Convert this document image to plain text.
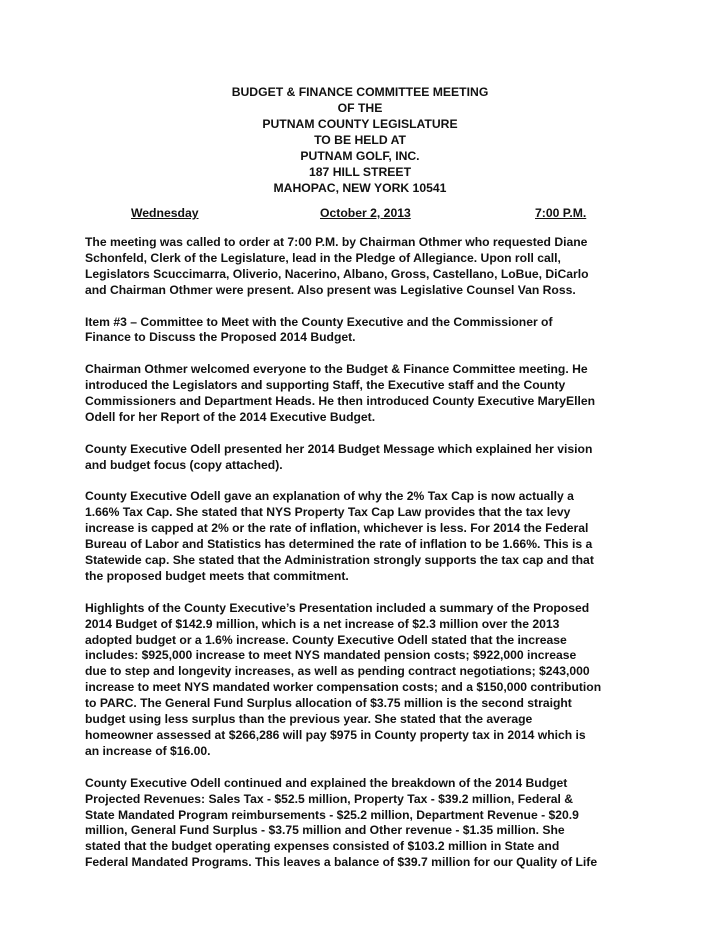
BUDGET & FINANCE COMMITTEE MEETING
OF THE
PUTNAM COUNTY LEGISLATURE
TO BE HELD AT
PUTNAM GOLF, INC.
187 HILL STREET
MAHOPAC, NEW YORK 10541
Wednesday	October 2, 2013	7:00 P.M.
The meeting was called to order at 7:00 P.M. by Chairman Othmer who requested DianeSchonfeld, Clerk of the Legislature, lead in the Pledge of Allegiance. Upon roll call,Legislators Scuccimarra, Oliverio, Nacerino, Albano, Gross, Castellano, LoBue, DiCarloand Chairman Othmer were present. Also present was Legislative Counsel Van Ross.
Item #3 – Committee to Meet with the County Executive and the Commissioner ofFinance to Discuss the Proposed 2014 Budget.
Chairman Othmer welcomed everyone to the Budget & Finance Committee meeting. Heintroduced the Legislators and supporting Staff, the Executive staff and the CountyCommissioners and Department Heads. He then introduced County Executive MaryEllenOdell for her Report of the 2014 Executive Budget.
County Executive Odell presented her 2014 Budget Message which explained her visionand budget focus (copy attached).
County Executive Odell gave an explanation of why the 2% Tax Cap is now actually a1.66% Tax Cap. She stated that NYS Property Tax Cap Law provides that the tax levyincrease is capped at 2% or the rate of inflation, whichever is less. For 2014 the FederalBureau of Labor and Statistics has determined the rate of inflation to be 1.66%. This is aStatewide cap. She stated that the Administration strongly supports the tax cap and thatthe proposed budget meets that commitment.
Highlights of the County Executive’s Presentation included a summary of the Proposed2014 Budget of $142.9 million, which is a net increase of $2.3 million over the 2013adopted budget or a 1.6% increase. County Executive Odell stated that the increaseincludes: $925,000 increase to meet NYS mandated pension costs; $922,000 increasedue to step and longevity increases, as well as pending contract negotiations; $243,000increase to meet NYS mandated worker compensation costs; and a $150,000 contributionto PARC. The General Fund Surplus allocation of $3.75 million is the second straightbudget using less surplus than the previous year. She stated that the averagehomeowner assessed at $266,286 will pay $975 in County property tax in 2014 which isan increase of $16.00.
County Executive Odell continued and explained the breakdown of the 2014 BudgetProjected Revenues: Sales Tax - $52.5 million, Property Tax - $39.2 million, Federal &State Mandated Program reimbursements - $25.2 million, Department Revenue - $20.9million, General Fund Surplus - $3.75 million and Other revenue - $1.35 million. Shestated that the budget operating expenses consisted of $103.2 million in State andFederal Mandated Programs. This leaves a balance of $39.7 million for our Quality of Life
